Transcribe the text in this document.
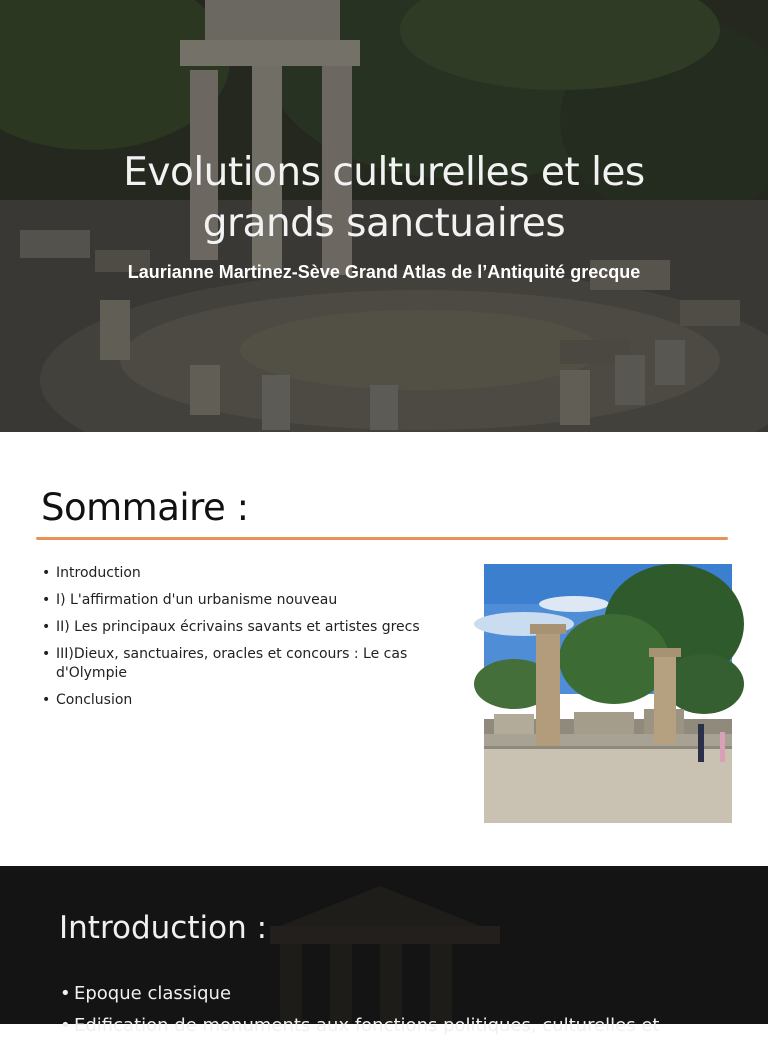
Evolutions culturelles et les
grands sanctuaires
Laurianne Martinez-Sève Grand Atlas de l’Antiquité grecque
Sommaire :
• Introduction
• I) L'affirmation d'un urbanisme nouveau
• II) Les principaux écrivains savants et artistes grecs
• III)Dieux, sanctuaires, oracles et concours : Le cas d'Olympie
• Conclusion
Introduction :
• Epoque classique
• Edification de monuments aux fonctions politiques, culturelles et
